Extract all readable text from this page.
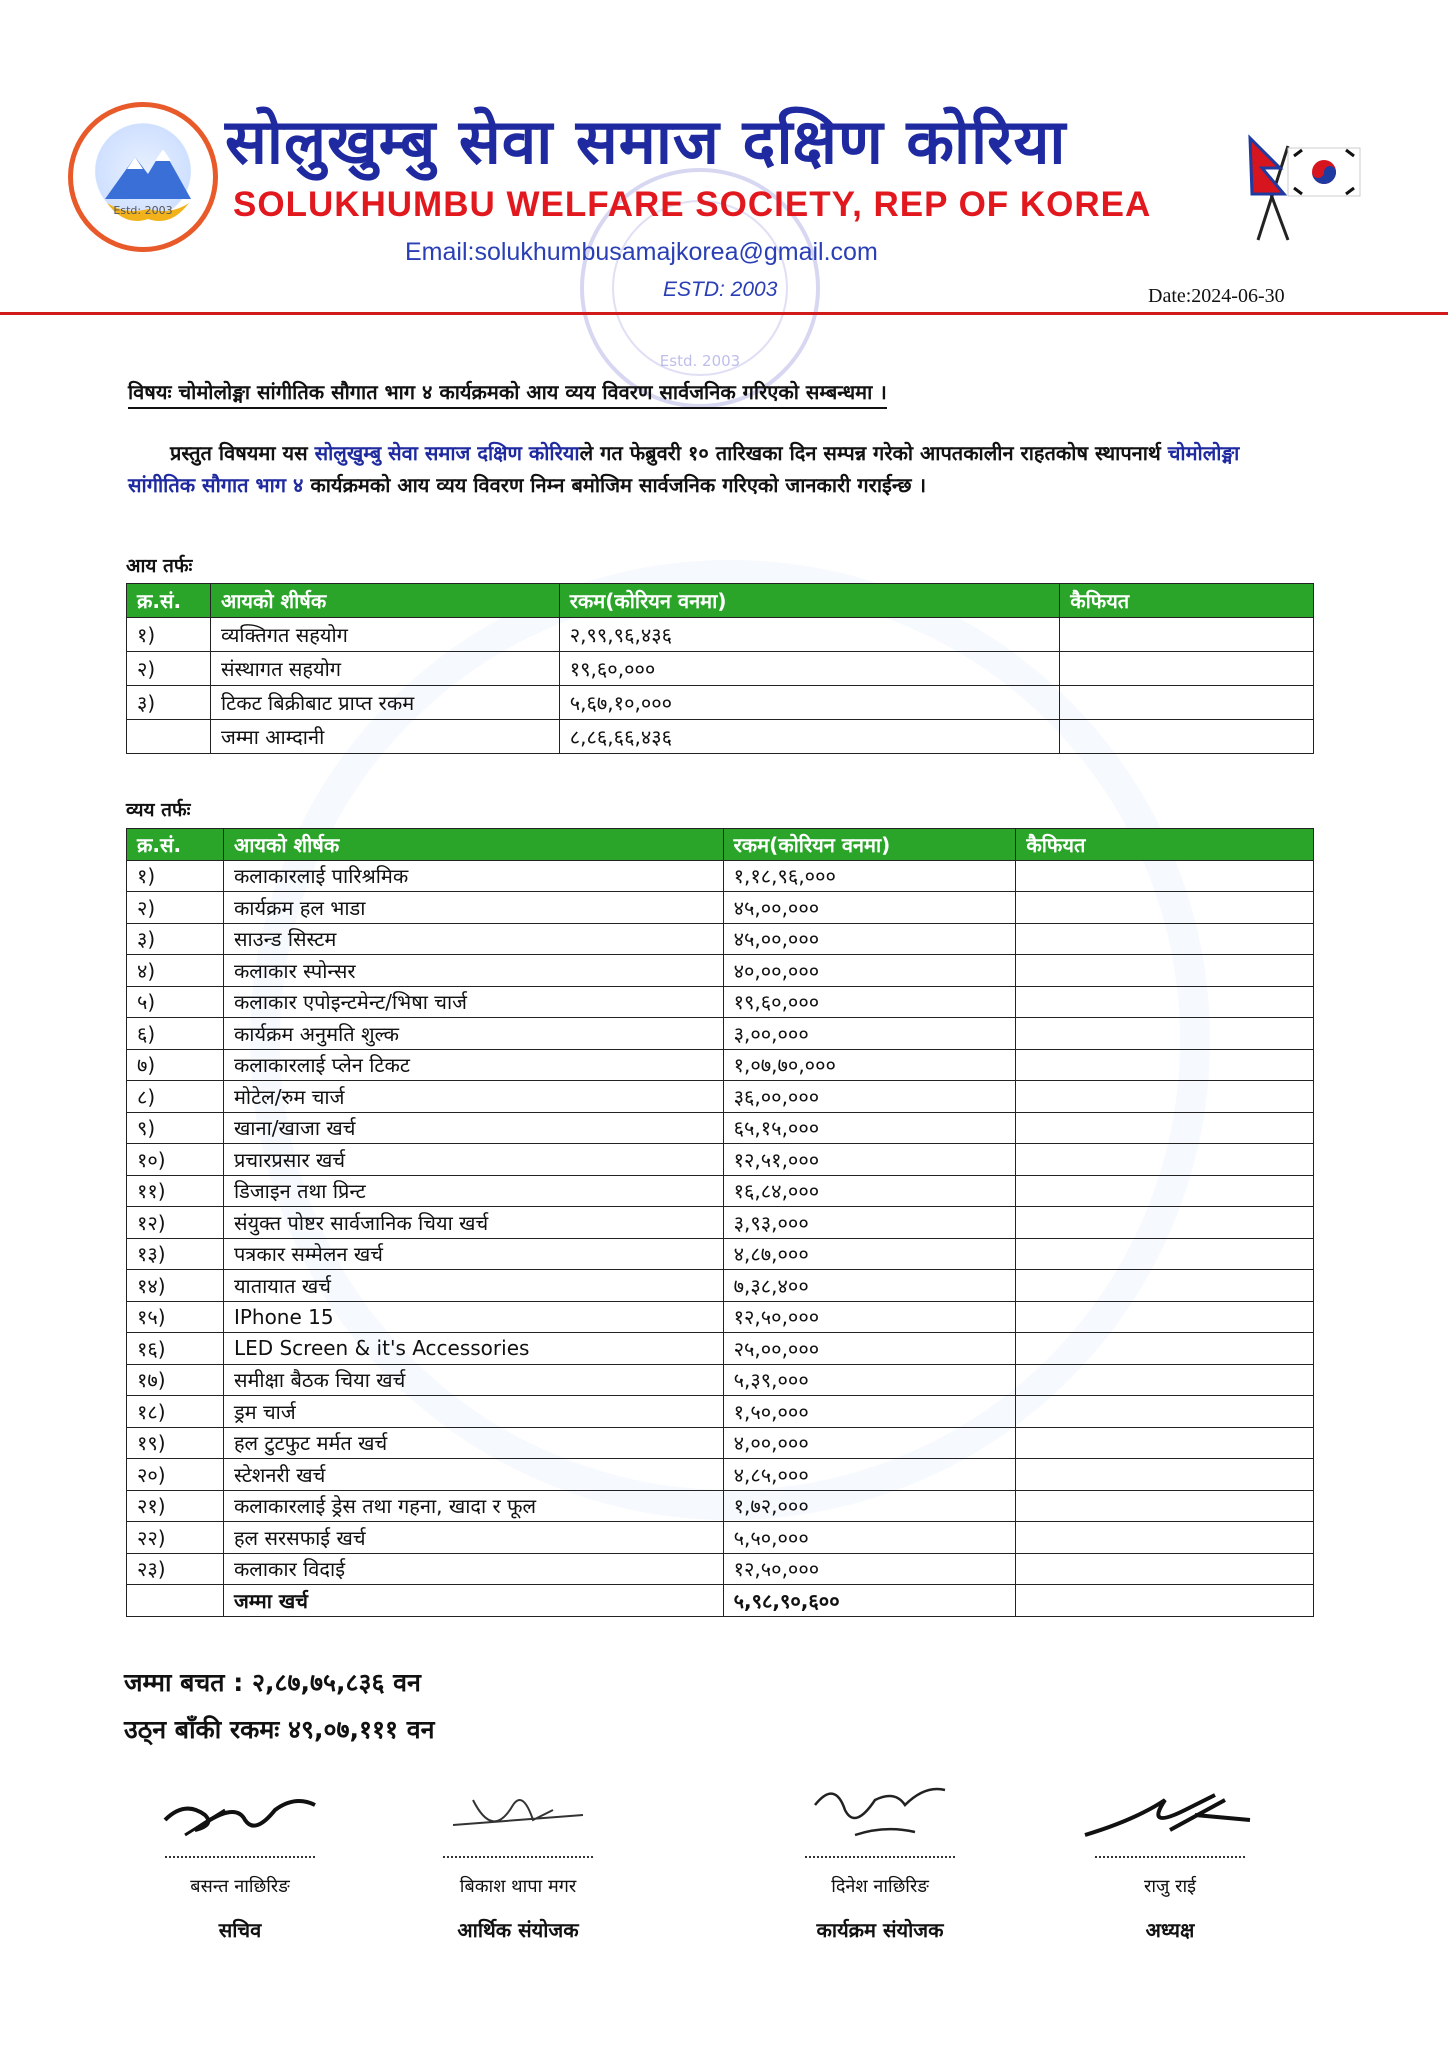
Estd. 2003
Estd: 2003
सोलुखुम्बु सेवा समाज दक्षिण कोरिया
SOLUKHUMBU WELFARE SOCIETY, REP OF KOREA
Email:solukhumbusamajkorea@gmail.com
ESTD: 2003	Date:2024-06-30
विषयः चोमोलोङ्मा सांगीतिक सौगात भाग ४ कार्यक्रमको आय व्यय विवरण सार्वजनिक गरिएको सम्बन्धमा ।
प्रस्तुत विषयमा यस सोलुखुम्बु सेवा समाज दक्षिण कोरियाले गत फेब्रुवरी १० तारिखका दिन सम्पन्न गरेको आपतकालीन राहतकोष स्थापनार्थ चोमोलोङ्मा सांगीतिक सौगात भाग ४ कार्यक्रमको आय व्यय विवरण निम्न बमोजिम सार्वजनिक गरिएको जानकारी गराईन्छ ।
आय तर्फः
क्र.सं.	आयको शीर्षक	रकम(कोरियन वनमा)	कैफियत
१)	व्यक्तिगत सहयोग	२,९९,९६,४३६	
२)	संस्थागत सहयोग	१९,६०,०००	
३)	टिकट बिक्रीबाट प्राप्त रकम	५,६७,१०,०००	
	जम्मा आम्दानी	८,८६,६६,४३६	
व्यय तर्फः
क्र.सं.	आयको शीर्षक	रकम(कोरियन वनमा)	कैफियत
१)	कलाकारलाई पारिश्रमिक	१,१८,९६,०००	
२)	कार्यक्रम हल भाडा	४५,००,०००	
३)	साउन्ड सिस्टम	४५,००,०००	
४)	कलाकार स्पोन्सर	४०,००,०००	
५)	कलाकार एपोइन्टमेन्ट/भिषा चार्ज	१९,६०,०००	
६)	कार्यक्रम अनुमति शुल्क	३,००,०००	
७)	कलाकारलाई प्लेन टिकट	१,०७,७०,०००	
८)	मोटेल/रुम चार्ज	३६,००,०००	
९)	खाना/खाजा खर्च	६५,१५,०००	
१०)	प्रचारप्रसार खर्च	१२,५१,०००	
११)	डिजाइन तथा प्रिन्ट	१६,८४,०००	
१२)	संयुक्त पोष्टर सार्वजानिक चिया खर्च	३,९३,०००	
१३)	पत्रकार सम्मेलन खर्च	४,८७,०००	
१४)	यातायात खर्च	७,३८,४००	
१५)	IPhone 15	१२,५०,०००	
१६)	LED Screen & it's Accessories	२५,००,०००	
१७)	समीक्षा बैठक चिया खर्च	५,३९,०००	
१८)	ड्रम चार्ज	१,५०,०००	
१९)	हल टुटफुट मर्मत खर्च	४,००,०००	
२०)	स्टेशनरी खर्च	४,८५,०००	
२१)	कलाकारलाई ड्रेस तथा गहना, खादा र फूल	१,७२,०००	
२२)	हल सरसफाई खर्च	५,५०,०००	
२३)	कलाकार विदाई	१२,५०,०००	
	जम्मा खर्च	५,९८,९०,६००	
जम्मा बचत : २,८७,७५,८३६ वन
उठ्न बाँकी रकमः ४९,०७,१११ वन
बसन्त नाछिरिङ
सचिव
बिकाश थापा मगर
आर्थिक संयोजक
दिनेश नाछिरिङ
कार्यक्रम संयोजक
राजु राई
अध्यक्ष
